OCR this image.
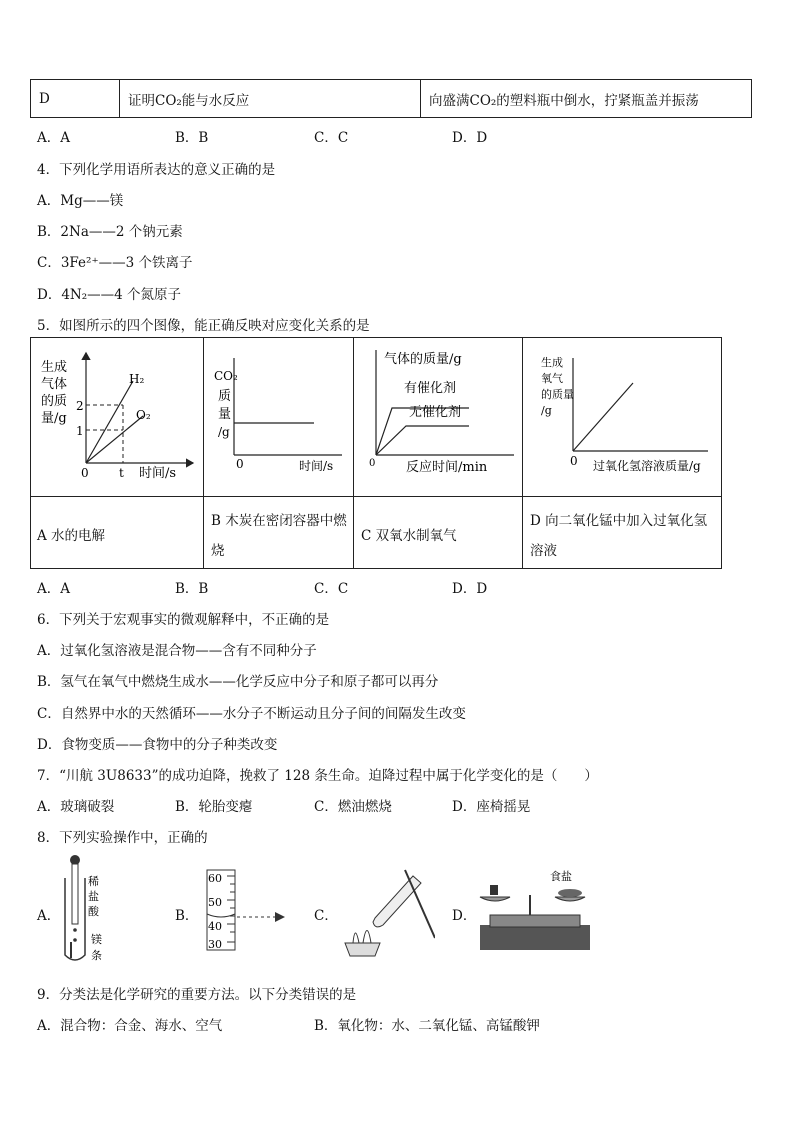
D	证明CO₂能与水反应	向盛满CO₂的塑料瓶中倒水，拧紧瓶盖并振荡
A．A	B．B	C．C	D．D
4．下列化学用语所表达的意义正确的是
A．Mg——镁
B．2Na——2 个钠元素
C．3Fe²⁺——3 个铁离子
D．4N₂——4 个氮原子
5．如图所示的四个图像，能正确反映对应变化关系的是
生成
气体
的质
量/g
2
1
H₂
O₂
0	t 时间/s
CO₂
质
量
/g
0	时间/s
气体的质量/g
有催化剂
无催化剂
0 反应时间/min
生成
氧气
的质量
/g
0 过氧化氢溶液质量/g
A 水的电解
B 木炭在密闭容器中燃烧
C 双氧水制氧气
D 向二氧化锰中加入过氧化氢溶液
A．A	B．B	C．C	D．D
6．下列关于宏观事实的微观解释中，不正确的是
A．过氧化氢溶液是混合物——含有不同种分子
B．氢气在氧气中燃烧生成水——化学反应中分子和原子都可以再分
C．自然界中水的天然循环——水分子不断运动且分子间的间隔发生改变
D．食物变质——食物中的分子种类改变
7．“川航 3U8633”的成功迫降，挽救了 128 条生命。迫降过程中属于化学变化的是（　　）
A．玻璃破裂	B．轮胎变瘪	C．燃油燃烧	D．座椅摇晃
8．下列实验操作中，正确的
A．
稀
盐
酸
镁
条
B．
60
50
40
30
C．	D．
食盐
9．分类法是化学研究的重要方法。以下分类错误的是
A．混合物：合金、海水、空气	B．氧化物：水、二氧化锰、高锰酸钾
